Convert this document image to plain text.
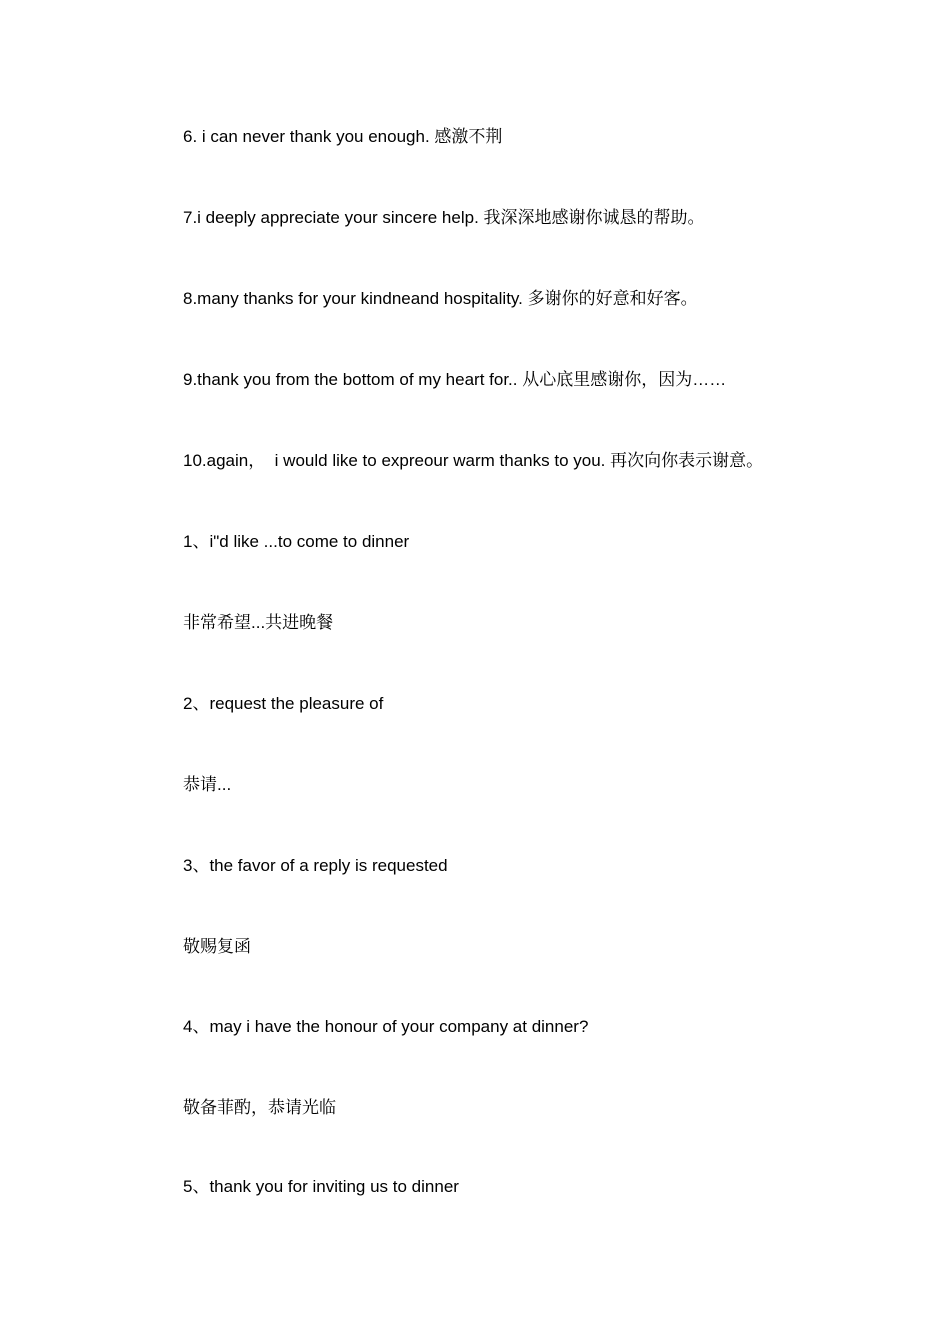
6. i can never thank you enough. 感激不荆

7.i deeply appreciate your sincere help. 我深深地感谢你诚恳的帮助。

8.many thanks for your kindneand hospitality. 多谢你的好意和好客。

9.thank you from the bottom of my heart for.. 从心底里感谢你，因为……

10.again，  i would like to expreour warm thanks to you. 再次向你表示谢意。

1、i"d like ...to come to dinner

非常希望...共进晚餐

2、request the pleasure of

恭请...

3、the favor of a reply is requested

敬赐复函

4、may i have the honour of your company at dinner?

敬备菲酌，恭请光临

5、thank you for inviting us to dinner
